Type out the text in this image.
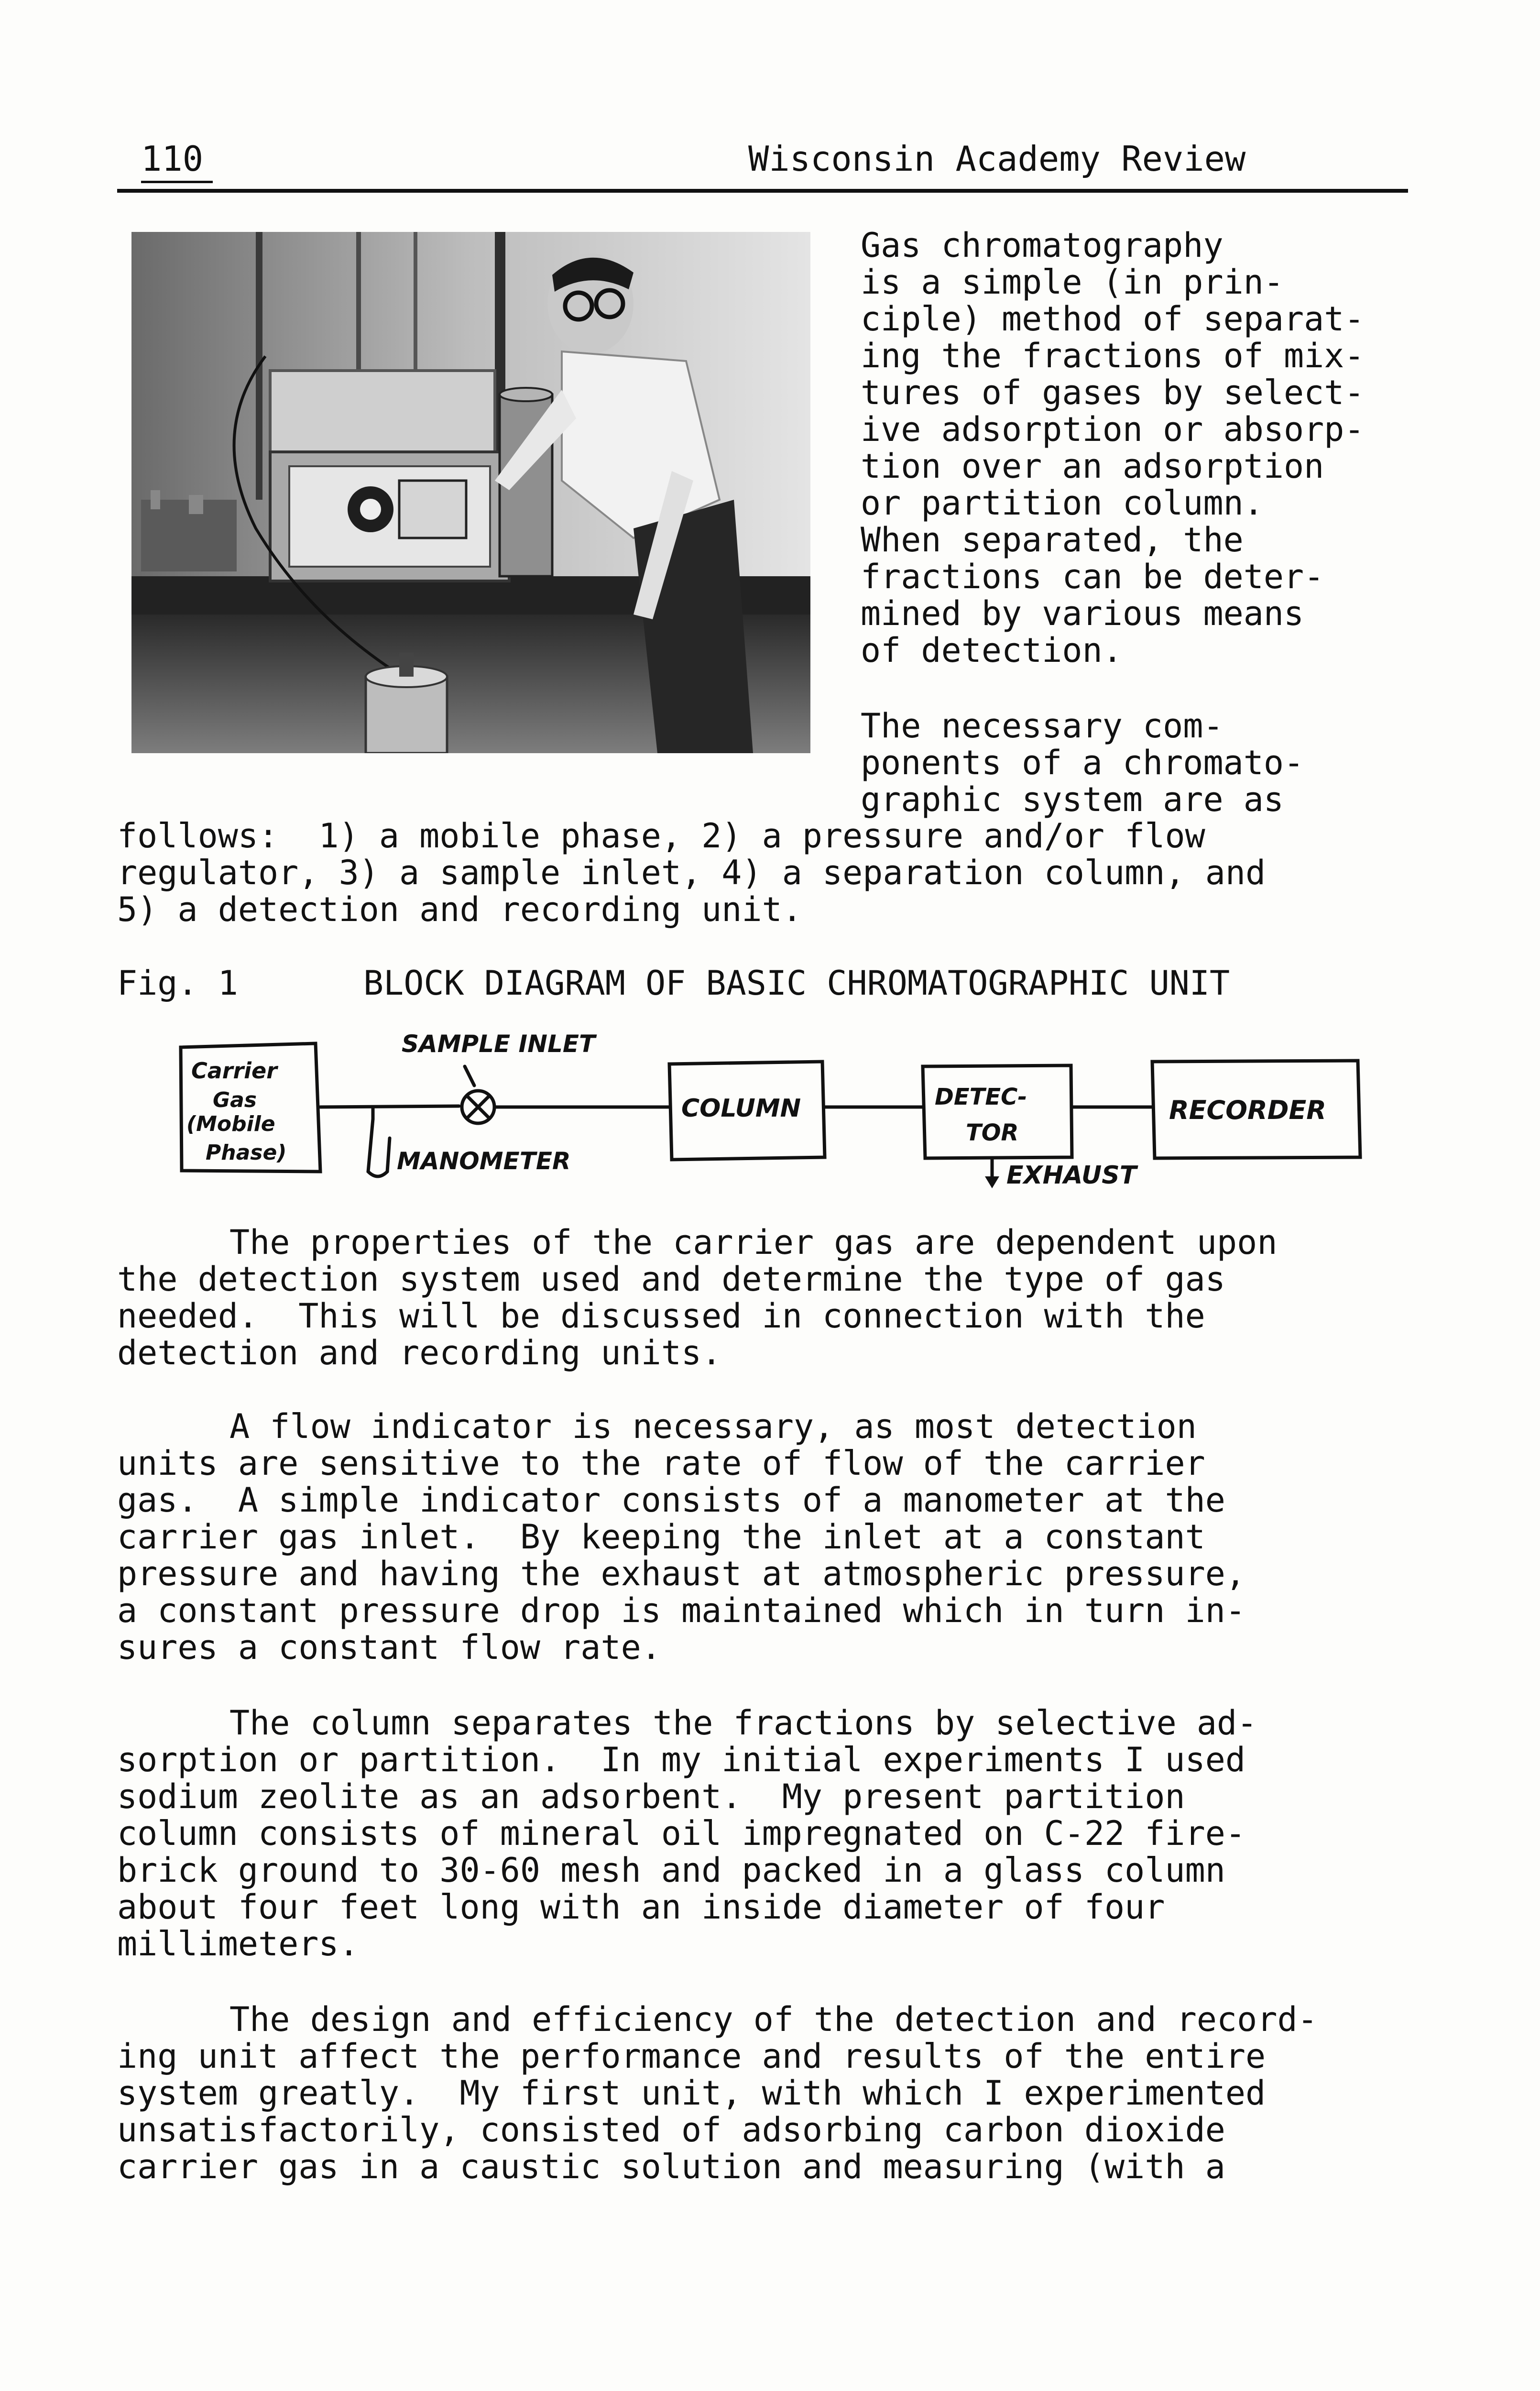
110	Wisconsin Academy Review
Gas chromatography
is a simple (in prin-
ciple) method of separat-
ing the fractions of mix-
tures of gases by select-
ive adsorption or absorp-
tion over an adsorption
or partition column.
When separated, the
fractions can be deter-
mined by various means
of detection.
The necessary com-
ponents of a chromato-
graphic system are as
follows:  1) a mobile phase, 2) a pressure and/or flow
regulator, 3) a sample inlet, 4) a separation column, and
5) a detection and recording unit.
Fig. 1	BLOCK DIAGRAM OF BASIC CHROMATOGRAPHIC UNIT
Carrier
Gas
(Mobile
Phase)
SAMPLE INLET
MANOMETER
COLUMN	DETEC-
TOR
EXHAUST
RECORDER
The properties of the carrier gas are dependent upon
the detection system used and determine the type of gas
needed.  This will be discussed in connection with the
detection and recording units.
A flow indicator is necessary, as most detection
units are sensitive to the rate of flow of the carrier
gas.  A simple indicator consists of a manometer at the
carrier gas inlet.  By keeping the inlet at a constant
pressure and having the exhaust at atmospheric pressure,
a constant pressure drop is maintained which in turn in-
sures a constant flow rate.
The column separates the fractions by selective ad-
sorption or partition.  In my initial experiments I used
sodium zeolite as an adsorbent.  My present partition
column consists of mineral oil impregnated on C-22 fire-
brick ground to 30-60 mesh and packed in a glass column
about four feet long with an inside diameter of four
millimeters.
The design and efficiency of the detection and record-
ing unit affect the performance and results of the entire
system greatly.  My first unit, with which I experimented
unsatisfactorily, consisted of adsorbing carbon dioxide
carrier gas in a caustic solution and measuring (with a
